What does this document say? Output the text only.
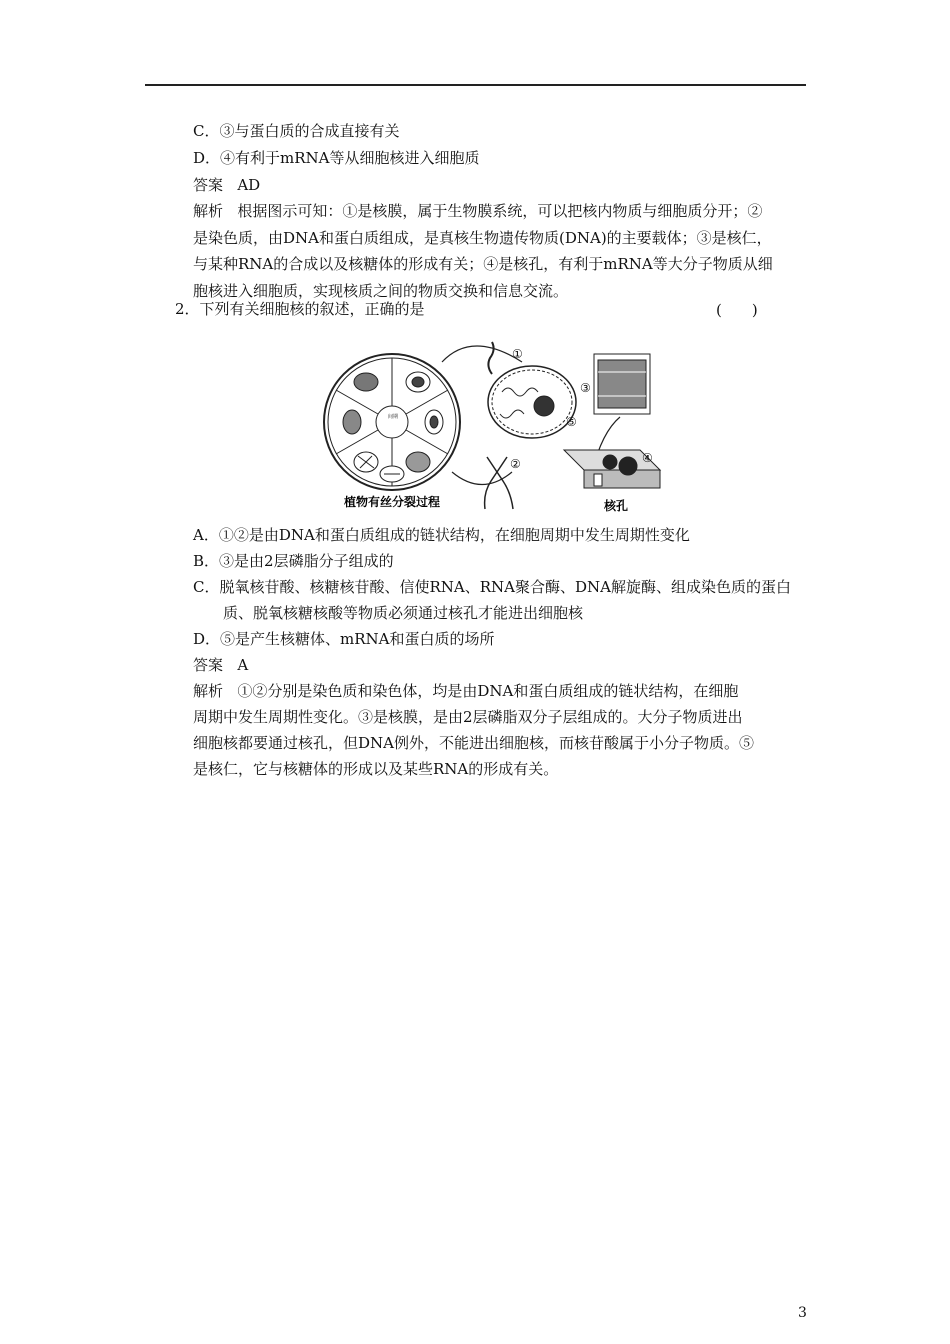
C．③与蛋白质的合成直接有关
D．④有利于mRNA等从细胞核进入细胞质
答案 AD
解析 根据图示可知：①是核膜，属于生物膜系统，可以把核内物质与细胞质分开；②
是染色质，由DNA和蛋白质组成，是真核生物遗传物质(DNA)的主要载体；③是核仁，
与某种RNA的合成以及核糖体的形成有关；④是核孔，有利于mRNA等大分子物质从细
胞核进入细胞质，实现核质之间的物质交换和信息交流。
2．下列有关细胞核的叙述，正确的是	(　　)
间期
①
②
③
④
⑤
植物有丝分裂过程	核孔
A．①②是由DNA和蛋白质组成的链状结构，在细胞周期中发生周期性变化
B．③是由2层磷脂分子组成的
C．脱氧核苷酸、核糖核苷酸、信使RNA、RNA聚合酶、DNA解旋酶、组成染色质的蛋白
质、脱氧核糖核酸等物质必须通过核孔才能进出细胞核
D．⑤是产生核糖体、mRNA和蛋白质的场所
答案 A
解析 ①②分别是染色质和染色体，均是由DNA和蛋白质组成的链状结构，在细胞
周期中发生周期性变化。③是核膜，是由2层磷脂双分子层组成的。大分子物质进出
细胞核都要通过核孔，但DNA例外，不能进出细胞核，而核苷酸属于小分子物质。⑤
是核仁，它与核糖体的形成以及某些RNA的形成有关。
3
